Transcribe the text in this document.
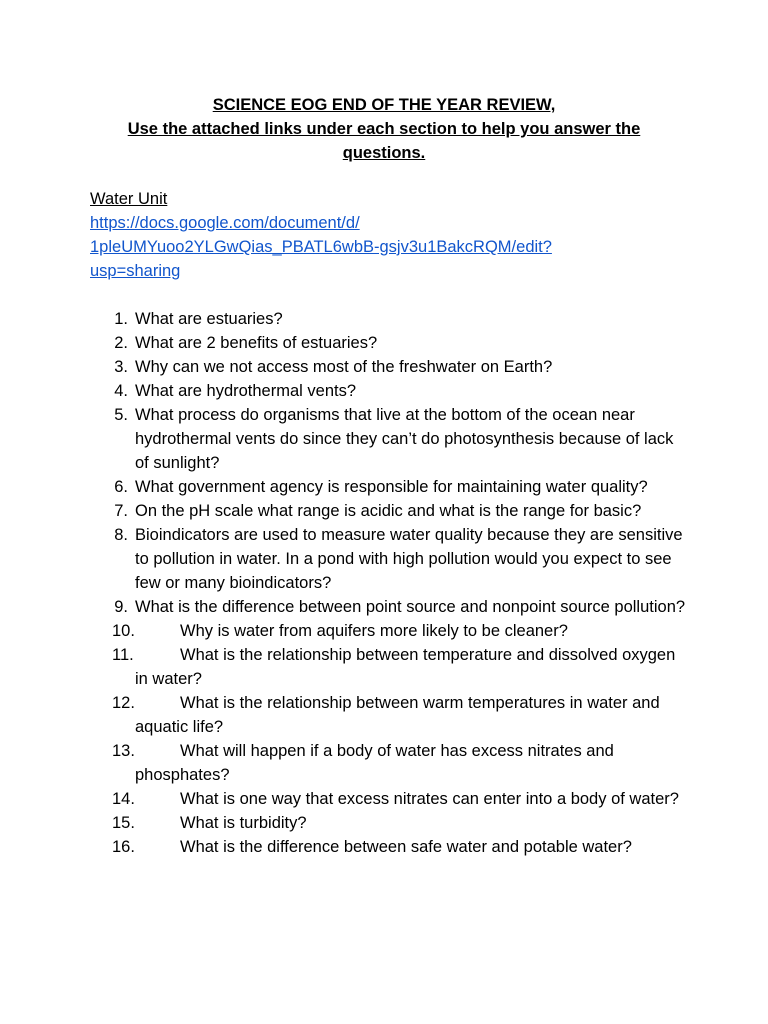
SCIENCE EOG END OF THE YEAR REVIEW,
Use the attached links under each section to help you answer the
questions.
Water Unit
https://docs.google.com/document/d/
1pleUMYuoo2YLGwQias_PBATL6wbB-gsjv3u1BakcRQM/edit?
usp=sharing
1. What are estuaries?
2. What are 2 benefits of estuaries?
3. Why can we not access most of the freshwater on Earth?
4. What are hydrothermal vents?
5. What process do organisms that live at the bottom of the ocean near hydrothermal vents do since they can’t do photosynthesis because of lack of sunlight?
6. What government agency is responsible for maintaining water quality?
7. On the pH scale what range is acidic and what is the range for basic?
8. Bioindicators are used to measure water quality because they are sensitive to pollution in water. In a pond with high pollution would you expect to see few or many bioindicators?
9. What is the difference between point source and nonpoint source pollution?
10.	Why is water from aquifers more likely to be cleaner?
11.	What is the relationship between temperature and dissolved oxygen in water?
12.	What is the relationship between warm temperatures in water and aquatic life?
13.	What will happen if a body of water has excess nitrates and phosphates?
14.	What is one way that excess nitrates can enter into a body of water?
15.	What is turbidity?
16.	What is the difference between safe water and potable water?
